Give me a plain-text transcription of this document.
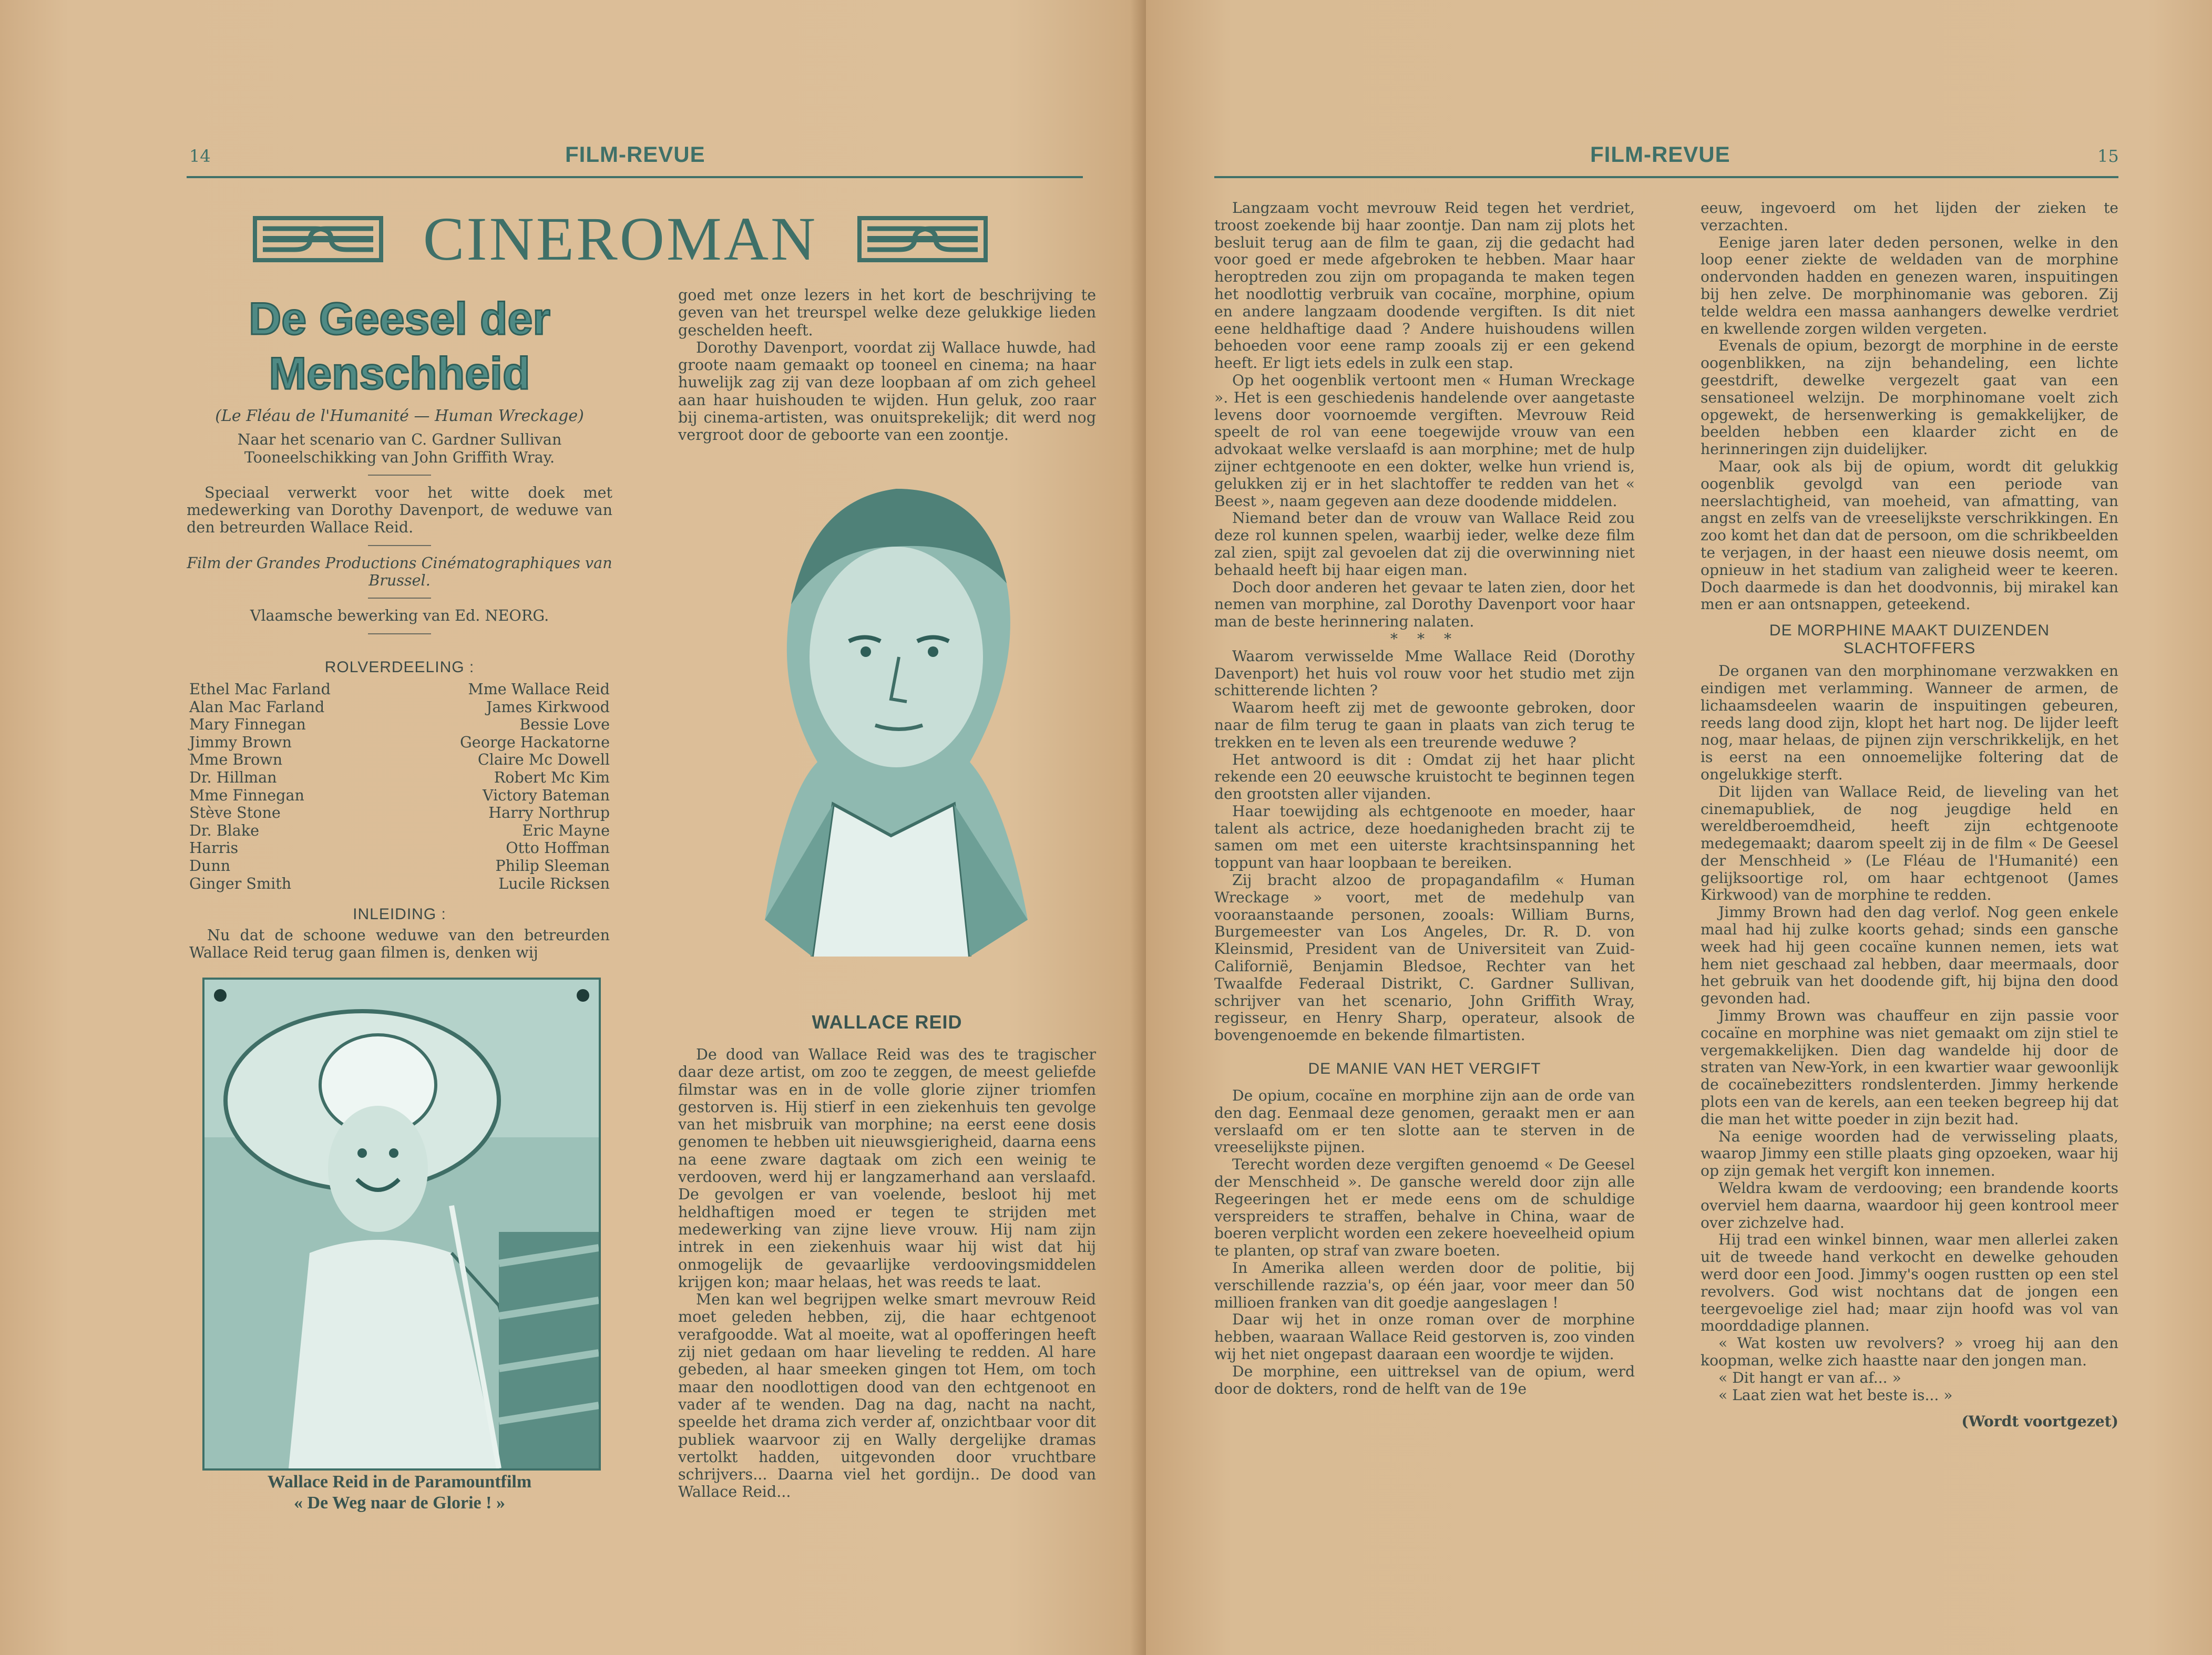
14	FILM-REVUE
CINEROMAN
De Geesel der Menschheid

(Le Fléau de l'Humanité — Human Wreckage)

Naar het scenario van C. Gardner Sullivan

Tooneelschikking van John Griffith Wray.

Speciaal verwerkt voor het witte doek met medewerking van Dorothy Davenport, de weduwe van den betreurden Wallace Reid.

Film der Grandes Productions Cinématographiques van Brussel.

Vlaamsche bewerking van Ed. NEORG.

ROLVERDEELING :
Ethel Mac Farland	Mme Wallace Reid
Alan Mac Farland	James Kirkwood
Mary Finnegan	Bessie Love
Jimmy Brown	George Hackatorne
Mme Brown	Claire Mc Dowell
Dr. Hillman	Robert Mc Kim
Mme Finnegan	Victory Bateman
Stève Stone	Harry Northrup
Dr. Blake	Eric Mayne
Harris	Otto Hoffman
Dunn	Philip Sleeman
Ginger Smith	Lucile Ricksen
INLEIDING :

Nu dat de schoone weduwe van den betreurden Wallace Reid terug gaan filmen is, denken wij

Wallace Reid in de Paramountfilm
« De Weg naar de Glorie ! »

goed met onze lezers in het kort de beschrijving te geven van het treurspel welke deze gelukkige lieden geschelden heeft.

Dorothy Davenport, voordat zij Wallace huwde, had groote naam gemaakt op tooneel en cinema; na haar huwelijk zag zij van deze loopbaan af om zich geheel aan haar huishouden te wijden. Hun geluk, zoo raar bij cinema-artisten, was onuitsprekelijk; dit werd nog vergroot door de geboorte van een zoontje.

WALLACE REID

De dood van Wallace Reid was des te tragischer daar deze artist, om zoo te zeggen, de meest geliefde filmstar was en in de volle glorie zijner triomfen gestorven is. Hij stierf in een ziekenhuis ten gevolge van het misbruik van morphine; na eerst eene dosis genomen te hebben uit nieuwsgierigheid, daarna eens na eene zware dagtaak om zich een weinig te verdooven, werd hij er langzamerhand aan verslaafd. De gevolgen er van voelende, besloot hij met heldhaftigen moed er tegen te strijden met medewerking van zijne lieve vrouw. Hij nam zijn intrek in een ziekenhuis waar hij wist dat hij onmogelijk de gevaarlijke verdoovingsmiddelen krijgen kon; maar helaas, het was reeds te laat.

Men kan wel begrijpen welke smart mevrouw Reid moet geleden hebben, zij, die haar echtgenoot verafgoodde. Wat al moeite, wat al opofferingen heeft zij niet gedaan om haar lieveling te redden. Al hare gebeden, al haar smeeken gingen tot Hem, om toch maar den noodlottigen dood van den echtgenoot en vader af te wenden. Dag na dag, nacht na nacht, speelde het drama zich verder af, onzichtbaar voor dit publiek waarvoor zij en Wally dergelijke dramas vertolkt hadden, uitgevonden door vruchtbare schrijvers... Daarna viel het gordijn.. De dood van Wallace Reid...

FILM-REVUE	15

Langzaam vocht mevrouw Reid tegen het verdriet, troost zoekende bij haar zoontje. Dan nam zij plots het besluit terug aan de film te gaan, zij die gedacht had voor goed er mede afgebroken te hebben. Maar haar heroptreden zou zijn om propaganda te maken tegen het noodlottig verbruik van cocaïne, morphine, opium en andere langzaam doodende vergiften. Is dit niet eene heldhaftige daad ? Andere huishoudens willen behoeden voor eene ramp zooals zij er een gekend heeft. Er ligt iets edels in zulk een stap.

Op het oogenblik vertoont men « Human Wreckage ». Het is een geschiedenis handelende over aangetaste levens door voornoemde vergiften. Mevrouw Reid speelt de rol van eene toegewijde vrouw van een advokaat welke verslaafd is aan morphine; met de hulp zijner echtgenoote en een dokter, welke hun vriend is, gelukken zij er in het slachtoffer te redden van het « Beest », naam gegeven aan deze doodende middelen.

Niemand beter dan de vrouw van Wallace Reid zou deze rol kunnen spelen, waarbij ieder, welke deze film zal zien, spijt zal gevoelen dat zij die overwinning niet behaald heeft bij haar eigen man.

Doch door anderen het gevaar te laten zien, door het nemen van morphine, zal Dorothy Davenport voor haar man de beste herinnering nalaten.

* * *

Waarom verwisselde Mme Wallace Reid (Dorothy Davenport) het huis vol rouw voor het studio met zijn schitterende lichten ?

Waarom heeft zij met de gewoonte gebroken, door naar de film terug te gaan in plaats van zich terug te trekken en te leven als een treurende weduwe ?

Het antwoord is dit : Omdat zij het haar plicht rekende een 20 eeuwsche kruistocht te beginnen tegen den grootsten aller vijanden.

Haar toewijding als echtgenoote en moeder, haar talent als actrice, deze hoedanigheden bracht zij te samen om met een uiterste krachtsinspanning het toppunt van haar loopbaan te bereiken.

Zij bracht alzoo de propagandafilm « Human Wreckage » voort, met de medehulp van vooraanstaande personen, zooals: William Burns, Burgemeester van Los Angeles, Dr. R. D. von Kleinsmid, President van de Universiteit van Zuid-Californië, Benjamin Bledsoe, Rechter van het Twaalfde Federaal Distrikt, C. Gardner Sullivan, schrijver van het scenario, John Griffith Wray, regisseur, en Henry Sharp, operateur, alsook de bovengenoemde en bekende filmartisten.

DE MANIE VAN HET VERGIFT

De opium, cocaïne en morphine zijn aan de orde van den dag. Eenmaal deze genomen, geraakt men er aan verslaafd om er ten slotte aan te sterven in de vreeselijkste pijnen.

Terecht worden deze vergiften genoemd « De Geesel der Menschheid ». De gansche wereld door zijn alle Regeeringen het er mede eens om de schuldige verspreiders te straffen, behalve in China, waar de boeren verplicht worden een zekere hoeveelheid opium te planten, op straf van zware boeten.

In Amerika alleen werden door de politie, bij verschillende razzia's, op één jaar, voor meer dan 50 millioen franken van dit goedje aangeslagen !

Daar wij het in onze roman over de morphine hebben, waaraan Wallace Reid gestorven is, zoo vinden wij het niet ongepast daaraan een woordje te wijden.

De morphine, een uittreksel van de opium, werd door de dokters, rond de helft van de 19e

eeuw, ingevoerd om het lijden der zieken te verzachten.

Eenige jaren later deden personen, welke in den loop eener ziekte de weldaden van de morphine ondervonden hadden en genezen waren, inspuitingen bij hen zelve. De morphinomanie was geboren. Zij telde weldra een massa aanhangers dewelke verdriet en kwellende zorgen wilden vergeten.

Evenals de opium, bezorgt de morphine in de eerste oogenblikken, na zijn behandeling, een lichte geestdrift, dewelke vergezelt gaat van een sensationeel welzijn. De morphinomane voelt zich opgewekt, de hersenwerking is gemakkelijker, de beelden hebben een klaarder zicht en de herinneringen zijn duidelijker.

Maar, ook als bij de opium, wordt dit gelukkig oogenblik gevolgd van een periode van neerslachtigheid, van moeheid, van afmatting, van angst en zelfs van de vreeselijkste verschrikkingen. En zoo komt het dan dat de persoon, om die schrikbeelden te verjagen, in der haast een nieuwe dosis neemt, om opnieuw in het stadium van zaligheid weer te keeren. Doch daarmede is dan het doodvonnis, bij mirakel kan men er aan ontsnappen, geteekend.

DE MORPHINE MAAKT DUIZENDEN SLACHTOFFERS

De organen van den morphinomane verzwakken en eindigen met verlamming. Wanneer de armen, de lichaamsdeelen waarin de inspuitingen gebeuren, reeds lang dood zijn, klopt het hart nog. De lijder leeft nog, maar helaas, de pijnen zijn verschrikkelijk, en het is eerst na een onnoemelijke foltering dat de ongelukkige sterft.

Dit lijden van Wallace Reid, de lieveling van het cinemapubliek, de nog jeugdige held en wereldberoemdheid, heeft zijn echtgenoote medegemaakt; daarom speelt zij in de film « De Geesel der Menschheid » (Le Fléau de l'Humanité) een gelijksoortige rol, om haar echtgenoot (James Kirkwood) van de morphine te redden.

Jimmy Brown had den dag verlof. Nog geen enkele maal had hij zulke koorts gehad; sinds een gansche week had hij geen cocaïne kunnen nemen, iets wat hem niet geschaad zal hebben, daar meermaals, door het gebruik van het doodende gift, hij bijna den dood gevonden had.

Jimmy Brown was chauffeur en zijn passie voor cocaïne en morphine was niet gemaakt om zijn stiel te vergemakkelijken. Dien dag wandelde hij door de straten van New-York, in een kwartier waar gewoonlijk de cocaïnebezitters rondslenterden. Jimmy herkende plots een van de kerels, aan een teeken begreep hij dat die man het witte poeder in zijn bezit had.

Na eenige woorden had de verwisseling plaats, waarop Jimmy een stille plaats ging opzoeken, waar hij op zijn gemak het vergift kon innemen.

Weldra kwam de verdooving; een brandende koorts overviel hem daarna, waardoor hij geen kontrool meer over zichzelve had.

Hij trad een winkel binnen, waar men allerlei zaken uit de tweede hand verkocht en dewelke gehouden werd door een Jood. Jimmy's oogen rustten op een stel revolvers. God wist nochtans dat de jongen een teergevoelige ziel had; maar zijn hoofd was vol van moorddadige plannen.

« Wat kosten uw revolvers? » vroeg hij aan den koopman, welke zich haastte naar den jongen man.

« Dit hangt er van af... »

« Laat zien wat het beste is... »

(Wordt voortgezet)
